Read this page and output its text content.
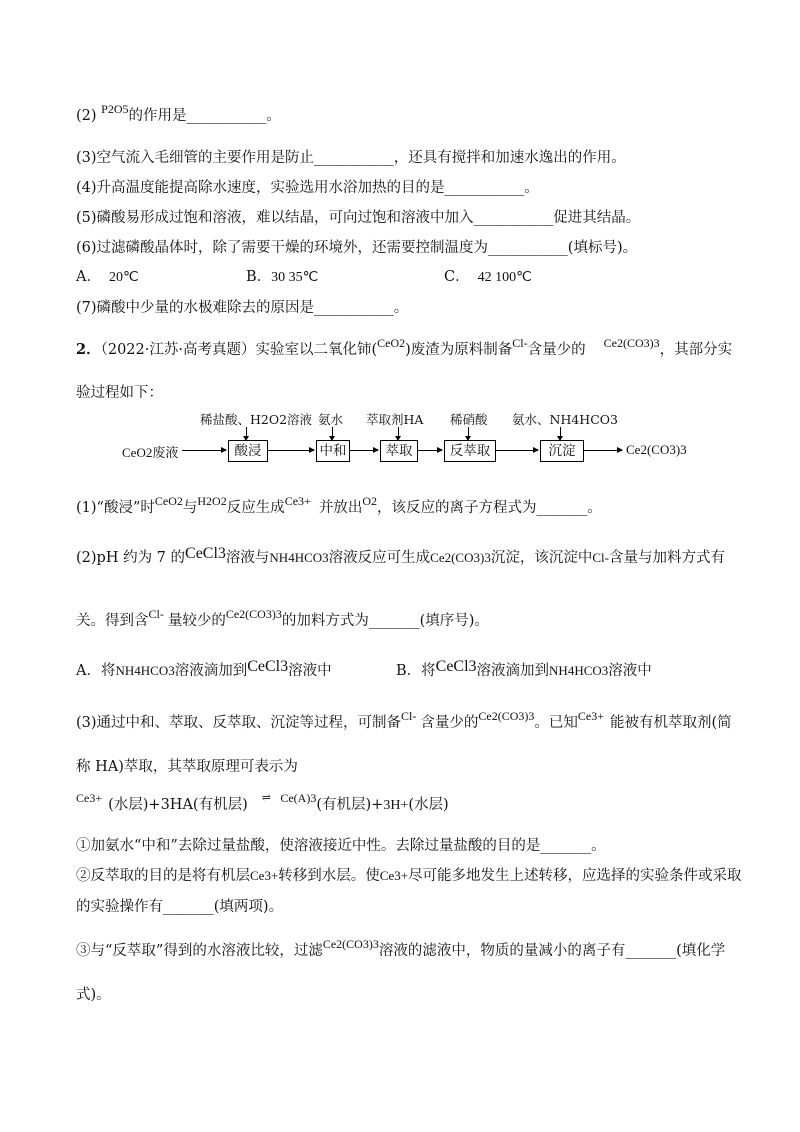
(2) $^{P2O5}$的作用是___________。
(3)空气流入毛细管的主要作用是防止___________，还具有搅拌和加速水逸出的作用。
(4)升高温度能提高除水速度，实验选用水浴加热的目的是___________。
(5)磷酸易形成过饱和溶液，难以结晶，可向过饱和溶液中加入___________促进其结晶。
(6)过滤磷酸晶体时，除了需要干燥的环境外，还需要控制温度为___________(填标号)。
A． 20℃	B．30 35℃	C． 42 100℃
(7)磷酸中少量的水极难除去的原因是___________。
2．（2022·江苏·高考真题）实验室以二氧化铈($^{CeO2}$)废渣为原料制备$^{Cl-}$含量少的 $^{Ce2(CO3)3}$，其部分实
验过程如下：
CeO2废液
稀盐酸、H2O2溶液
酸浸
氨水
中和
萃取剂HA
萃取
稀硝酸
反萃取
氨水、NH4HCO3
沉淀	Ce2(CO3)3
(1)“酸浸”时$^{CeO2}$与$^{H2O2}$反应生成$^{Ce3+}$ 并放出$^{O2}$，该反应的离子方程式为_______。
(2)pH 约为 7 的CeCl3溶液与NH4HCO3溶液反应可生成Ce2(CO3)3沉淀，该沉淀中Cl-含量与加料方式有
关。得到含$^{Cl-}$ 量较少的$^{Ce2(CO3)3}$的加料方式为_______(填序号)。
A．将NH4HCO3溶液滴加到CeCl3溶液中	B．将CeCl3溶液滴加到NH4HCO3溶液中
(3)通过中和、萃取、反萃取、沉淀等过程，可制备$^{Cl-}$ 含量少的$^{Ce2(CO3)3}$。已知$^{Ce3+}$ 能被有机萃取剂(简
称 HA)萃取，其萃取原理可表示为
$^{Ce3+}$ (水层)+3HA(有机层) ⇌ $^{Ce(A)3}$(有机层)+3H+(水层)
①加氨水“中和”去除过量盐酸，使溶液接近中性。去除过量盐酸的目的是_______。
②反萃取的目的是将有机层Ce3+转移到水层。使Ce3+尽可能多地发生上述转移，应选择的实验条件或采取
的实验操作有_______(填两项)。
③与“反萃取”得到的水溶液比较，过滤$^{Ce2(CO3)3}$溶液的滤液中，物质的量减小的离子有_______(填化学
式)。
